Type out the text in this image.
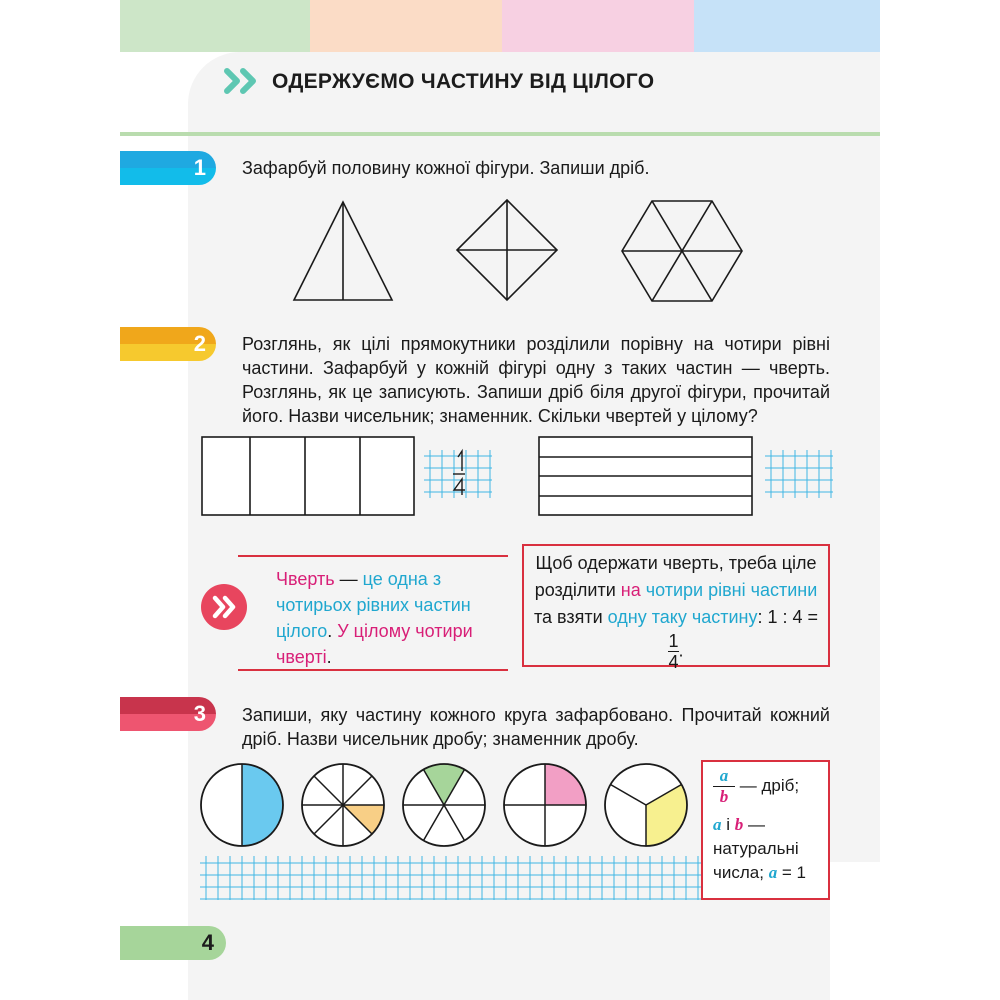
ОДЕРЖУЄМО ЧАСТИНУ ВІД ЦІЛОГО
1	Зафарбуй половину кожної фігури. Запиши дріб.
2	Розглянь, як цілі прямокутники розділили порівну на чотири рівні частини. Зафарбуй у кожній фігурі одну з таких частин — чверть. Розглянь, як це записують. Запиши дріб біля другої фігури, прочитай його. Назви чисельник; знаменник. Скільки чвертей у цілому?
Чверть — це одна з чотирьох рівних частин цілого. У цілому чотири чверті.
Щоб одержати чверть, треба ціле розділити на чотири рівні частини та взяти одну таку частину: 1 : 4 =
$\frac{1}{4}$ .
3	Запиши, яку частину кожного круга зафарбовано. Прочитай кожний дріб. Назви чисельник дробу; знаменник дробу.
$\frac{a}{b}$ — дріб;
a і b — натуральні числа; a = 1
4
